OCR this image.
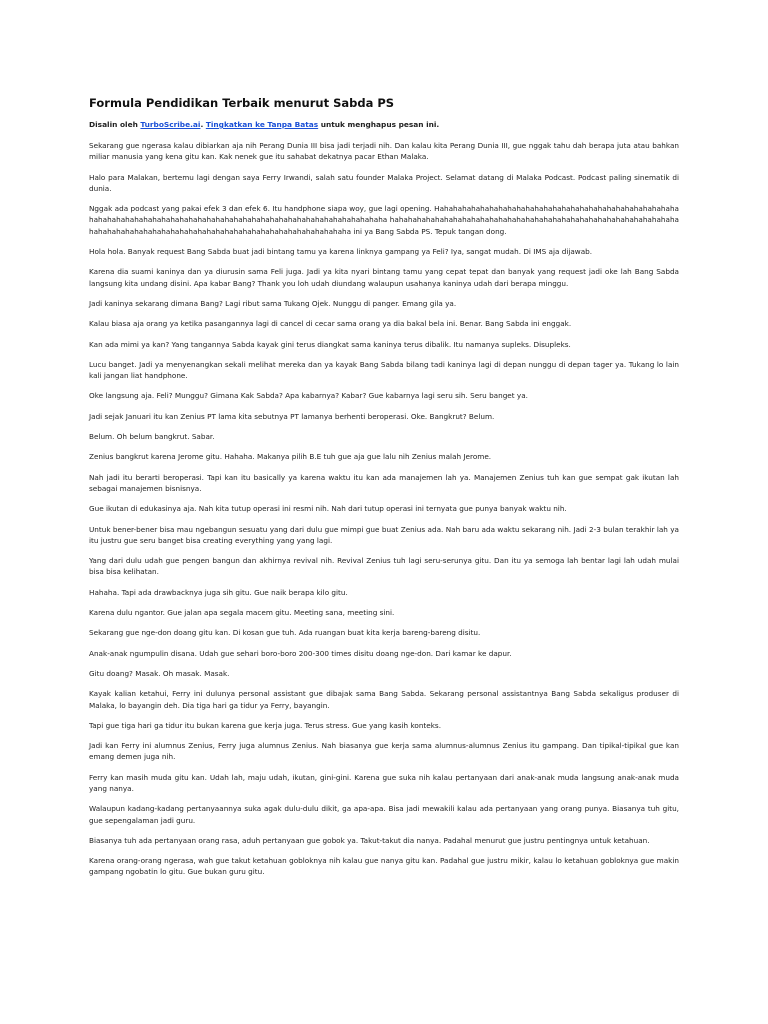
Formula Pendidikan Terbaik menurut Sabda PS
Disalin oleh TurboScribe.ai. Tingkatkan ke Tanpa Batas untuk menghapus pesan ini.

Sekarang gue ngerasa kalau dibiarkan aja nih Perang Dunia III bisa jadi terjadi nih. Dan kalau kita Perang Dunia III, gue nggak tahu dah berapa juta atau bahkan miliar manusia yang kena gitu kan. Kak nenek gue itu sahabat dekatnya pacar Ethan Malaka.

Halo para Malakan, bertemu lagi dengan saya Ferry Irwandi, salah satu founder Malaka Project. Selamat datang di Malaka Podcast. Podcast paling sinematik di dunia.

Nggak ada podcast yang pakai efek 3 dan efek 6. Itu handphone siapa woy, gue lagi opening. Hahahahahahahahahahahahahahahahahahahahahahahahahahahahahahahahahahahahahahahahahahahahahahahahahahahahahahahahahahahaha hahahahahahahahahahahahahahahahahahahahahahahahahahahahahahahahahahahahahahahahahahahahahahahahahahahahahahahahahahahahaha ini ya Bang Sabda PS. Tepuk tangan dong.

Hola hola. Banyak request Bang Sabda buat jadi bintang tamu ya karena linknya gampang ya Feli? Iya, sangat mudah. Di IMS aja dijawab.

Karena dia suami kaninya dan ya diurusin sama Feli juga. Jadi ya kita nyari bintang tamu yang cepat tepat dan banyak yang request jadi oke lah Bang Sabda langsung kita undang disini. Apa kabar Bang? Thank you loh udah diundang walaupun usahanya kaninya udah dari berapa minggu.

Jadi kaninya sekarang dimana Bang? Lagi ribut sama Tukang Ojek. Nunggu di panger. Emang gila ya.

Kalau biasa aja orang ya ketika pasangannya lagi di cancel di cecar sama orang ya dia bakal bela ini. Benar. Bang Sabda ini enggak.

Kan ada mimi ya kan? Yang tangannya Sabda kayak gini terus diangkat sama kaninya terus dibalik. Itu namanya supleks. Disupleks.

Lucu banget. Jadi ya menyenangkan sekali melihat mereka dan ya kayak Bang Sabda bilang tadi kaninya lagi di depan nunggu di depan tager ya. Tukang lo lain kali jangan liat handphone.

Oke langsung aja. Feli? Munggu? Gimana Kak Sabda? Apa kabarnya? Kabar? Gue kabarnya lagi seru sih. Seru banget ya.

Jadi sejak Januari itu kan Zenius PT lama kita sebutnya PT lamanya berhenti beroperasi. Oke. Bangkrut? Belum.

Belum. Oh belum bangkrut. Sabar.

Zenius bangkrut karena Jerome gitu. Hahaha. Makanya pilih B.E tuh gue aja gue lalu nih Zenius malah Jerome.

Nah jadi itu berarti beroperasi. Tapi kan itu basically ya karena waktu itu kan ada manajemen lah ya. Manajemen Zenius tuh kan gue sempat gak ikutan lah sebagai manajemen bisnisnya.

Gue ikutan di edukasinya aja. Nah kita tutup operasi ini resmi nih. Nah dari tutup operasi ini ternyata gue punya banyak waktu nih.

Untuk bener-bener bisa mau ngebangun sesuatu yang dari dulu gue mimpi gue buat Zenius ada. Nah baru ada waktu sekarang nih. Jadi 2-3 bulan terakhir lah ya itu justru gue seru banget bisa creating everything yang yang lagi.

Yang dari dulu udah gue pengen bangun dan akhirnya revival nih. Revival Zenius tuh lagi seru-serunya gitu. Dan itu ya semoga lah bentar lagi lah udah mulai bisa bisa kelihatan.

Hahaha. Tapi ada drawbacknya juga sih gitu. Gue naik berapa kilo gitu.

Karena dulu ngantor. Gue jalan apa segala macem gitu. Meeting sana, meeting sini.

Sekarang gue nge-don doang gitu kan. Di kosan gue tuh. Ada ruangan buat kita kerja bareng-bareng disitu.

Anak-anak ngumpulin disana. Udah gue sehari boro-boro 200-300 times disitu doang nge-don. Dari kamar ke dapur.

Gitu doang? Masak. Oh masak. Masak.

Kayak kalian ketahui, Ferry ini dulunya personal assistant gue dibajak sama Bang Sabda. Sekarang personal assistantnya Bang Sabda sekaligus produser di Malaka, lo bayangin deh. Dia tiga hari ga tidur ya Ferry, bayangin.

Tapi gue tiga hari ga tidur itu bukan karena gue kerja juga. Terus stress. Gue yang kasih konteks.

Jadi kan Ferry ini alumnus Zenius, Ferry juga alumnus Zenius. Nah biasanya gue kerja sama alumnus-alumnus Zenius itu gampang. Dan tipikal-tipikal gue kan emang demen juga nih.

Ferry kan masih muda gitu kan. Udah lah, maju udah, ikutan, gini-gini. Karena gue suka nih kalau pertanyaan dari anak-anak muda langsung anak-anak muda yang nanya.

Walaupun kadang-kadang pertanyaannya suka agak dulu-dulu dikit, ga apa-apa. Bisa jadi mewakili kalau ada pertanyaan yang orang punya. Biasanya tuh gitu, gue sepengalaman jadi guru.

Biasanya tuh ada pertanyaan orang rasa, aduh pertanyaan gue gobok ya. Takut-takut dia nanya. Padahal menurut gue justru pentingnya untuk ketahuan.

Karena orang-orang ngerasa, wah gue takut ketahuan gobloknya nih kalau gue nanya gitu kan. Padahal gue justru mikir, kalau lo ketahuan gobloknya gue makin gampang ngobatin lo gitu. Gue bukan guru gitu.
